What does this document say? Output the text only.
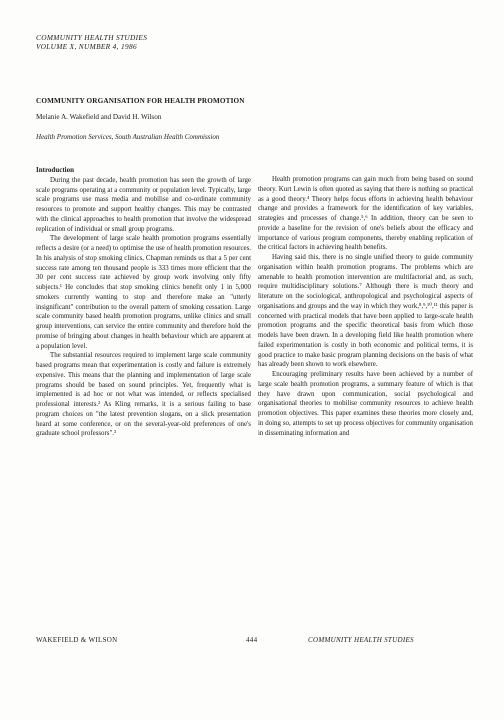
COMMUNITY HEALTH STUDIES
VOLUME X, NUMBER 4, 1986
COMMUNITY ORGANISATION FOR HEALTH PROMOTION
Melanie A. Wakefield and David H. Wilson
Health Promotion Services, South Australian Health Commission
Introduction

During the past decade, health promotion has seen the growth of large scale programs operating at a community or population level. Typically, large scale programs use mass media and mobilise and co-ordinate community resources to promote and support healthy changes. This may be contrasted with the clinical approaches to health promotion that involve the widespread replication of individual or small group programs.

The development of large scale health promotion programs essentially reflects a desire (or a need) to optimise the use of health promotion resources. In his analysis of stop smoking clinics, Chapman reminds us that a 5 per cent success rate among ten thousand people is 333 times more efficient that the 30 per cent success rate achieved by group work involving only fifty subjects.¹ He concludes that stop smoking clinics benefit only 1 in 5,000 smokers currently wanting to stop and therefore make an "utterly insignificant" contribution to the overall pattern of smoking cessation. Large scale community based health promotion programs, unlike clinics and small group interventions, can service the entire community and therefore hold the promise of bringing about changes in health behaviour which are apparent at a population level.

The substantial resources required to implement large scale community based programs mean that experimentation is costly and failure is extremely expensive. This means that the planning and implementation of large scale programs should be based on sound principles. Yet, frequently what is implemented is ad hoc or not what was intended, or reflects specialised professional interests.² As Kling remarks, it is a serious failing to base program choices on "the latest prevention slogans, on a slick presentation heard at some conference, or on the several-year-old preferences of one's graduate school professors".³

Health promotion programs can gain much from being based on sound theory. Kurt Lewin is often quoted as saying that there is nothing so practical as a good theory.⁴ Theory helps focus efforts in achieving health behaviour change and provides a framework for the identification of key variables, strategies and processes of change.⁵,⁶ In addition, theory can be seen to provide a baseline for the revision of one's beliefs about the efficacy and importance of various program components, thereby enabling replication of the critical factors in achieving health benefits.

Having said this, there is no single unified theory to guide community organisation within health promotion programs. The problems which are amenable to health promotion intervention are multifactorial and, as such, require multidisciplinary solutions.⁷ Although there is much theory and literature on the sociological, anthropological and psychological aspects of organisations and groups and the way in which they work,⁸,⁹,¹⁰,¹¹ this paper is concerned with practical models that have been applied to large-scale health promotion programs and the specific theoretical basis from which those models have been drawn. In a developing field like health promotion where failed experimentation is costly in both economic and political terms, it is good practice to make basic program planning decisions on the basis of what has already been shown to work elsewhere.

Encouraging preliminary results have been achieved by a number of large scale health promotion programs, a summary feature of which is that they have drawn upon communication, social psychological and organisational theories to mobilise community resources to achieve health promotion objectives. This paper examines these theories more closely and, in doing so, attempts to set up process objectives for community organisation in disseminating information and

WAKEFIELD & WILSON	444	COMMUNITY HEALTH STUDIES
